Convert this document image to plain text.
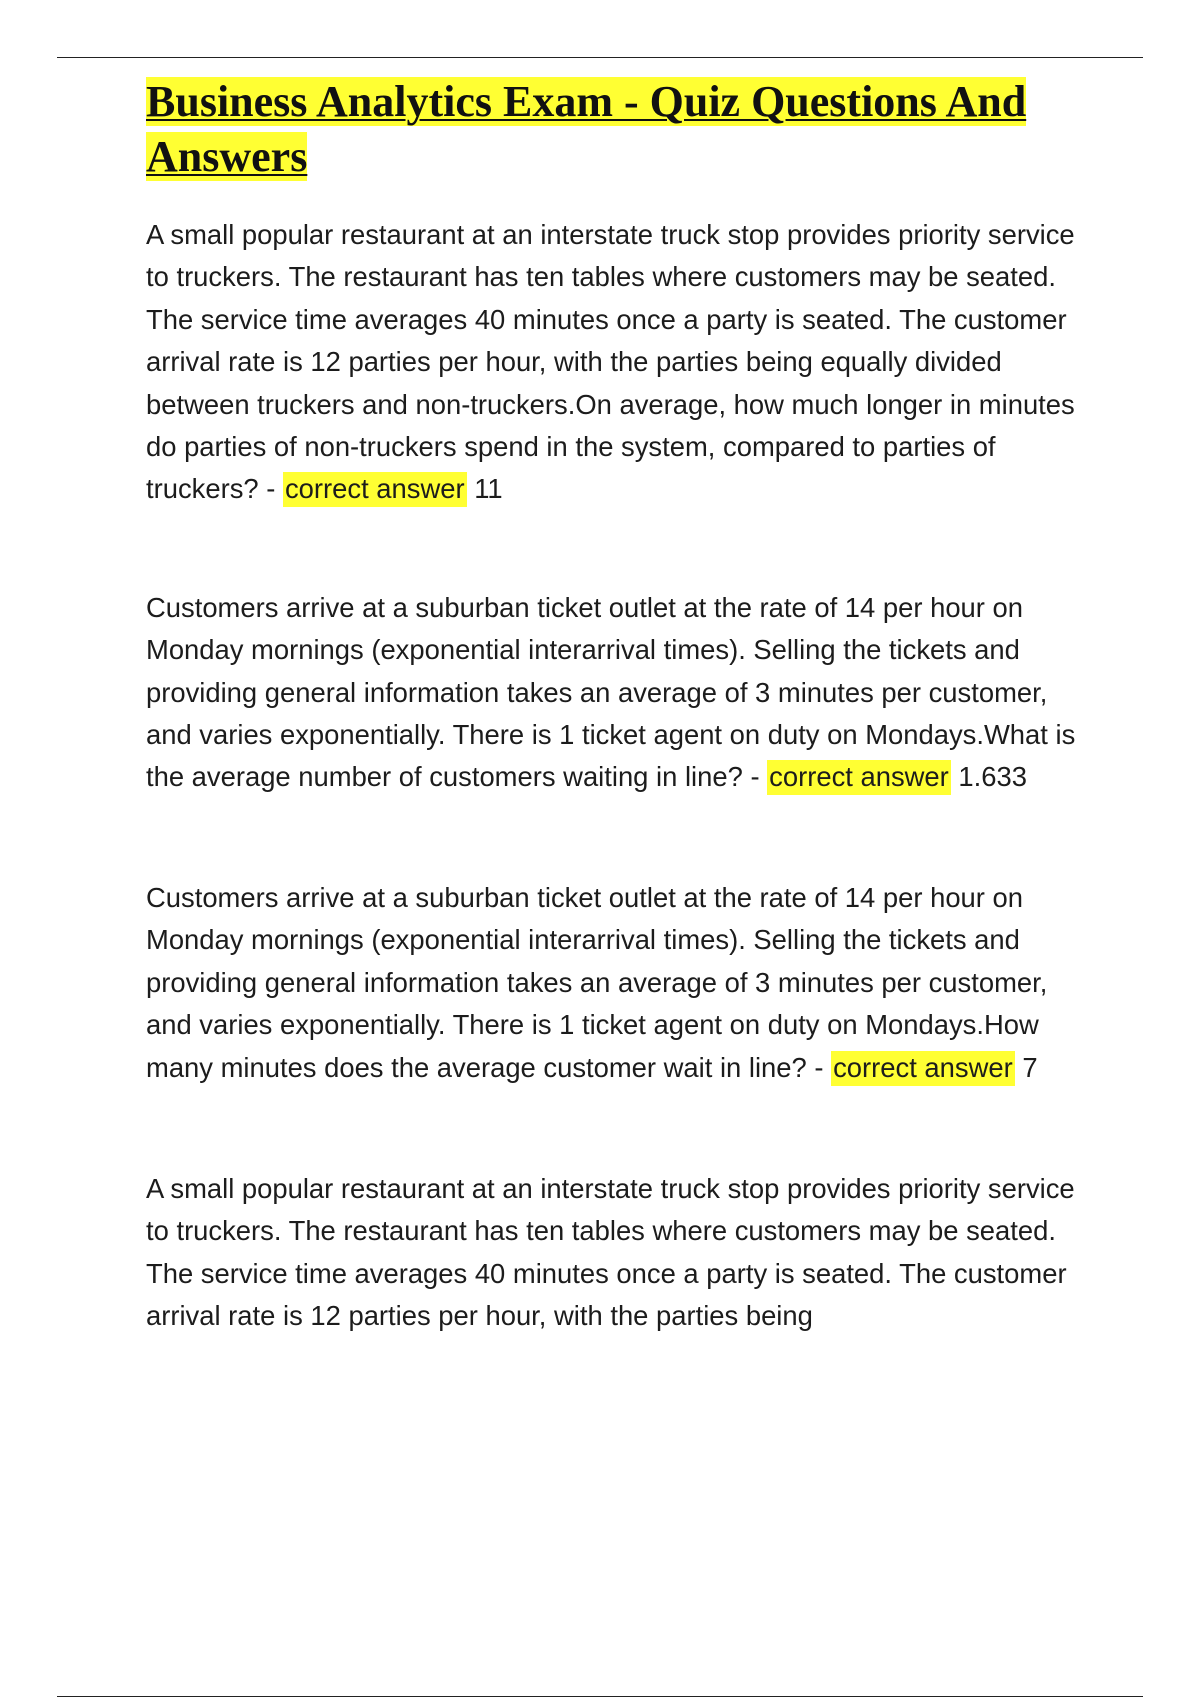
Business Analytics Exam - Quiz Questions And Answers

A small popular restaurant at an interstate truck stop provides priority service to truckers. The restaurant has ten tables where customers may be seated. The service time averages 40 minutes once a party is seated. The customer arrival rate is 12 parties per hour, with the parties being equally divided between truckers and non-truckers.On average, how much longer in minutes do parties of non-truckers spend in the system, compared to parties of truckers? - correct answer 11

Customers arrive at a suburban ticket outlet at the rate of 14 per hour on Monday mornings (exponential interarrival times). Selling the tickets and providing general information takes an average of 3 minutes per customer, and varies exponentially. There is 1 ticket agent on duty on Mondays.What is the average number of customers waiting in line? - correct answer 1.633

Customers arrive at a suburban ticket outlet at the rate of 14 per hour on Monday mornings (exponential interarrival times). Selling the tickets and providing general information takes an average of 3 minutes per customer, and varies exponentially. There is 1 ticket agent on duty on Mondays.How many minutes does the average customer wait in line? - correct answer 7

A small popular restaurant at an interstate truck stop provides priority service to truckers. The restaurant has ten tables where customers may be seated. The service time averages 40 minutes once a party is seated. The customer arrival rate is 12 parties per hour, with the parties being
